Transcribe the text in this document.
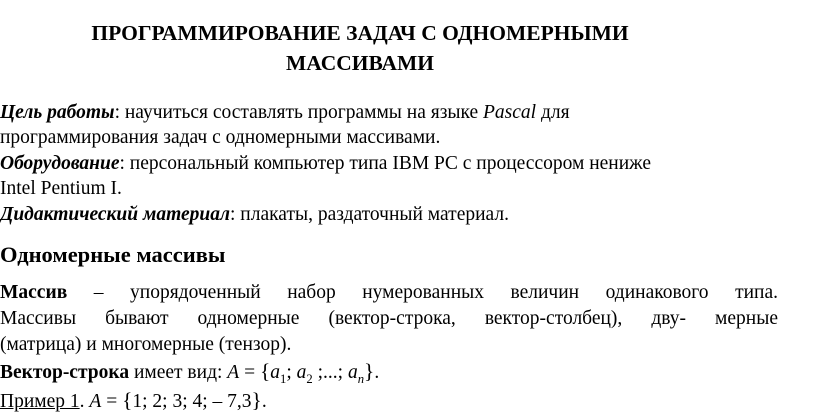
ПРОГРАММИРОВАНИЕ ЗАДАЧ С ОДНОМЕРНЫМИ
МАССИВАМИ
Цель работы: научиться составлять программы на языке Pascal для
программирования задач с одномерными массивами.
Оборудование: персональный компьютер типа IBM PC с процессором нениже
Intel Pentium I.
Дидактический материал: плакаты, раздаточный материал.
Одномерные массивы
Массив – упорядоченный набор нумерованных величин одинакового типа.
Массивы бывают одномерные (вектор-строка, вектор-столбец), дву- мерные
(матрица) и многомерные (тензор).
Вектор-строка имеет вид: $A = \{a_1$; $a_2$ ;...; $a_n$}.
Пример 1. A = {1; 2; 3; 4; – 7,3}.
